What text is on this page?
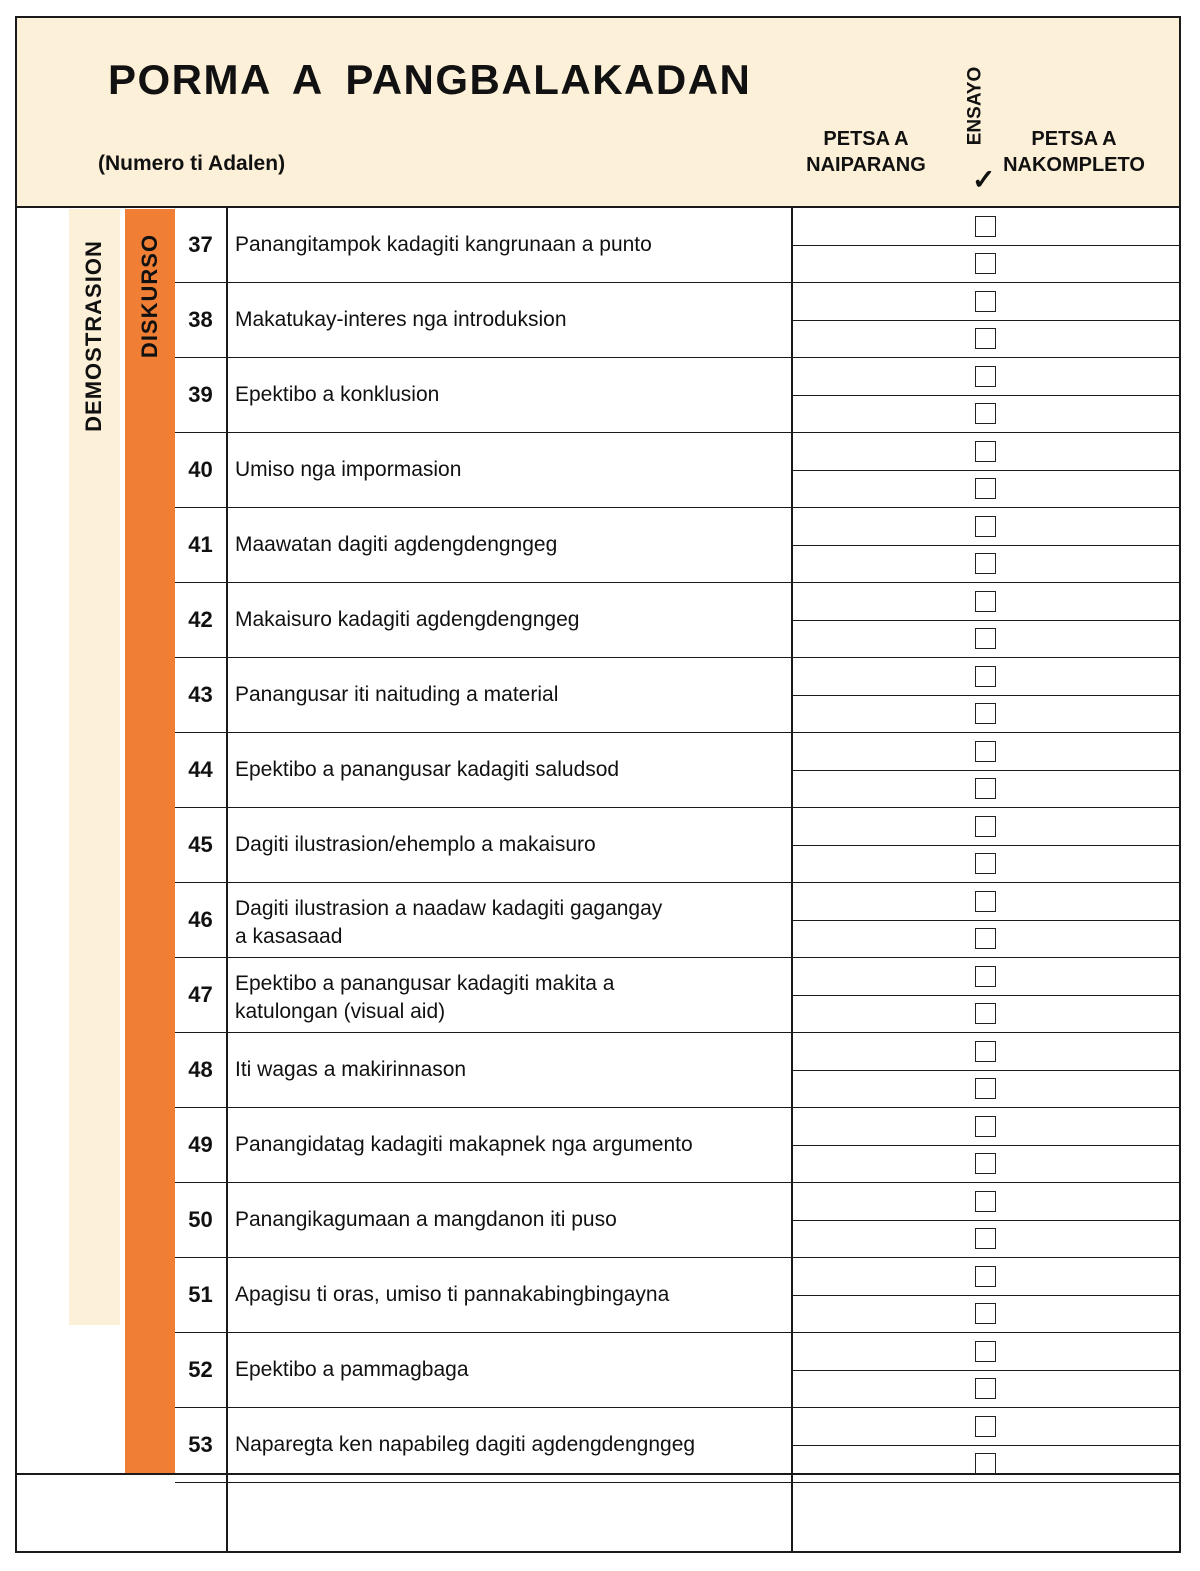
PORMA A PANGBALAKADAN
(Numero ti Adalen)
PETSA A
NAIPARANG
ENSAYO
✓
PETSA A
NAKOMPLETO
DEMOSTRASION DISKURSO	37	Panangitampok kadagiti kangrunaan a punto
38	Makatukay-interes nga introduksion
39	Epektibo a konklusion
40	Umiso nga impormasion
41	Maawatan dagiti agdengdengngeg
42	Makaisuro kadagiti agdengdengngeg
43	Panangusar iti naituding a material
44	Epektibo a panangusar kadagiti saludsod
45	Dagiti ilustrasion/ehemplo a makaisuro
46	Dagiti ilustrasion a naadaw kadagiti gagangay
a kasasaad
47	Epektibo a panangusar kadagiti makita a
katulongan (visual aid)
48	Iti wagas a makirinnason
49	Panangidatag kadagiti makapnek nga argumento
50	Panangikagumaan a mangdanon iti puso
51	Apagisu ti oras, umiso ti pannakabingbingayna
52	Epektibo a pammagbaga
53	Naparegta ken napabileg dagiti agdengdengngeg
